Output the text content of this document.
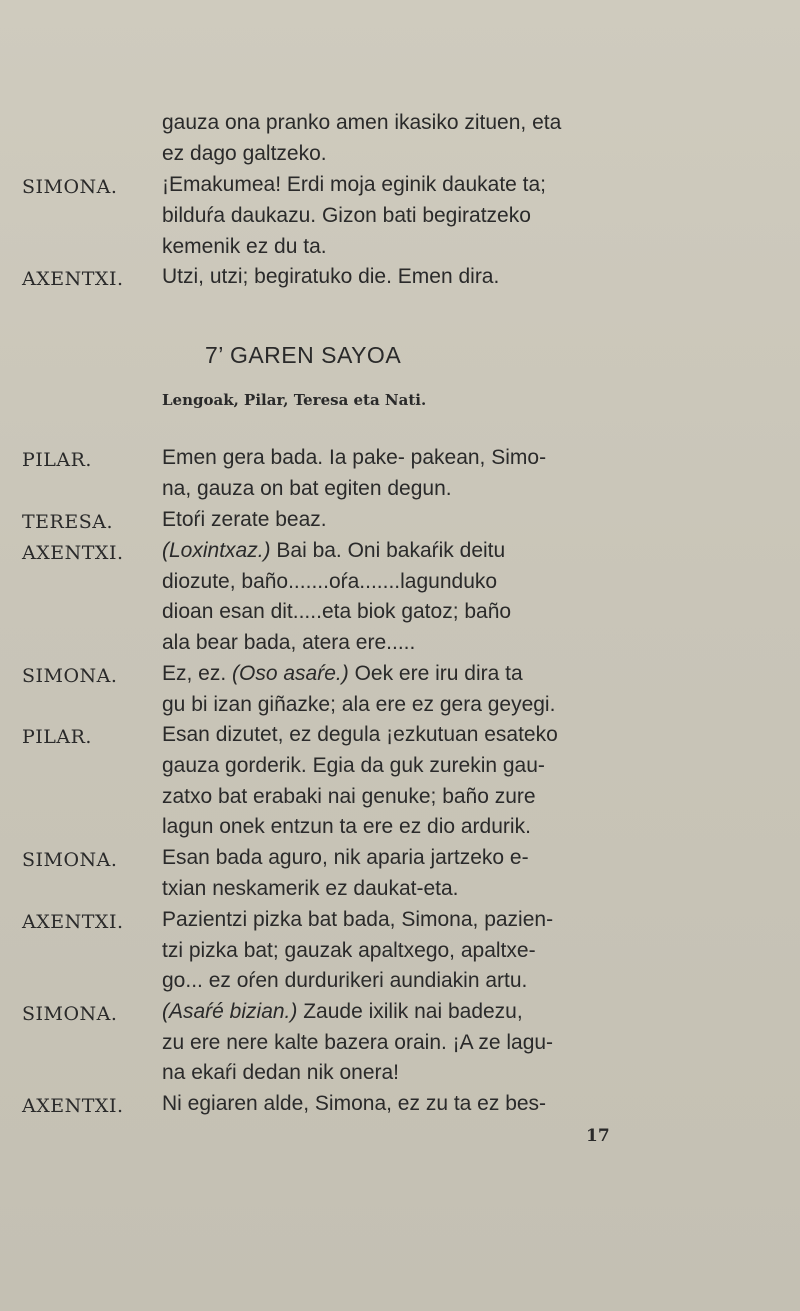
gauza ona pranko amen ikasiko zituen, eta
ez dago galtzeko.
SIMONA. ¡Emakumea! Erdi moja eginik daukate ta;
bilduŕa daukazu. Gizon bati begiratzeko
kemenik ez du ta.
AXENTXI. Utzi, utzi; begiratuko die. Emen dira.
7’ GAREN SAYOA
Lengoak, Pilar, Teresa eta Nati.
PILAR.	Emen gera bada. Ia pake- pakean, Simo-
na, gauza on bat egiten degun.
TERESA. Etoŕi zerate beaz.
AXENTXI. (Loxintxaz.) Bai ba. Oni bakaŕik deitu
diozute, baño.......oŕa.......lagunduko
dioan esan dit.....eta biok gatoz; baño
ala bear bada, atera ere.....
SIMONA. Ez, ez. (Oso asaŕe.) Oek ere iru dira ta
gu bi izan giñazke; ala ere ez gera geyegi.
PILAR.	Esan dizutet, ez degula ¡ezkutuan esateko
gauza gorderik. Egia da guk zurekin gau-
zatxo bat erabaki nai genuke; baño zure
lagun onek entzun ta ere ez dio ardurik.
SIMONA. Esan bada aguro, nik aparia jartzeko e-
txian neskamerik ez daukat-eta.
AXENTXI. Pazientzi pizka bat bada, Simona, pazien-
tzi pizka bat; gauzak apaltxego, apaltxe-
go... ez oŕen durdurikeri aundiakin artu.
SIMONA. (Asaŕé bizian.) Zaude ixilik nai badezu,
zu ere nere kalte bazera orain. ¡A ze lagu-
na ekaŕi dedan nik onera!
AXENTXI. Ni egiaren alde, Simona, ez zu ta ez bes-
17
